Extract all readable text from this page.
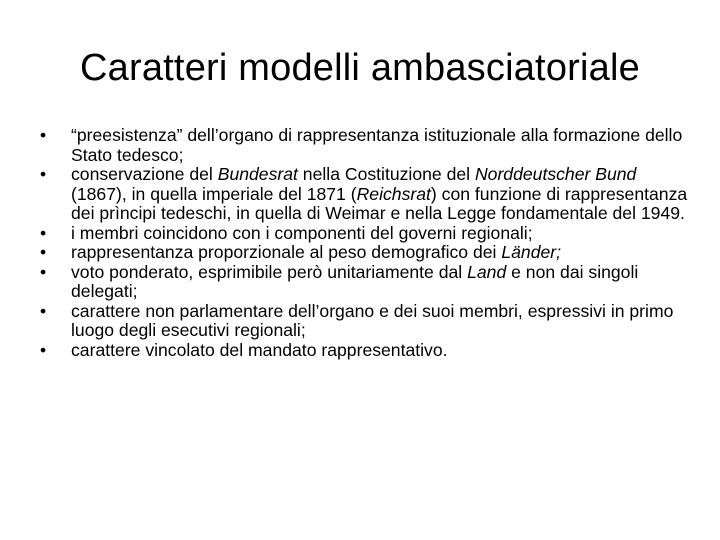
Caratteri modelli ambasciatoriale
•	“preesistenza” dell’organo di rappresentanza istituzionale alla formazione dello Stato tedesco;
•	conservazione del Bundesrat nella Costituzione del Norddeutscher Bund (1867), in quella imperiale del 1871 (Reichsrat) con funzione di rappresentanza dei prìncipi tedeschi, in quella di Weimar e nella Legge fondamentale del 1949.
•	i membri coincidono con i componenti del governi regionali;
•	rappresentanza proporzionale al peso demografico dei Länder;
•	voto ponderato, esprimibile però unitariamente dal Land e non dai singoli delegati;
•	carattere non parlamentare dell’organo e dei suoi membri, espressivi in primo luogo degli esecutivi regionali;
•	carattere vincolato del mandato rappresentativo.
